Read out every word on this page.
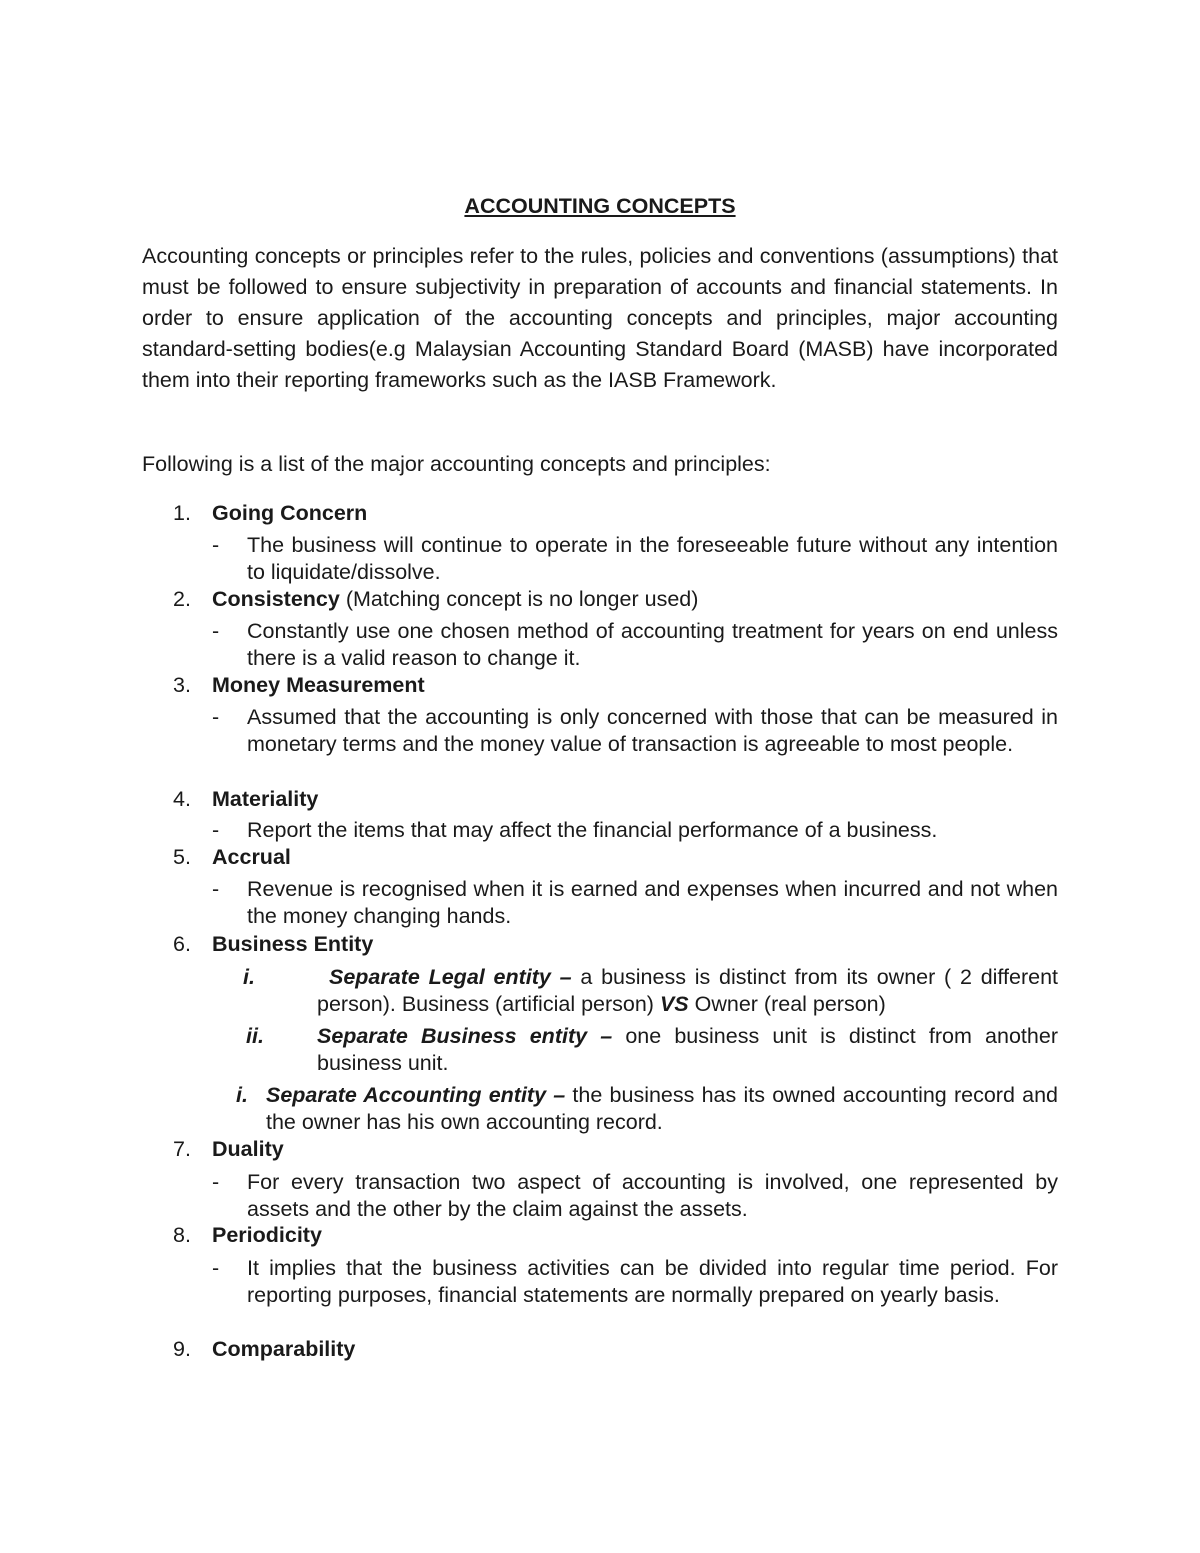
ACCOUNTING CONCEPTS
Accounting concepts or principles refer to the rules, policies and conventions (assumptions) that must be followed to ensure subjectivity in preparation of accounts and financial statements. In order to ensure application of the accounting concepts and principles, major accounting standard-setting bodies(e.g Malaysian Accounting Standard Board (MASB) have incorporated them into their reporting frameworks such as the IASB Framework.
Following is a list of the major accounting concepts and principles:
1. Going Concern
- The business will continue to operate in the foreseeable future without any intention to liquidate/dissolve.
2. Consistency (Matching concept is no longer used)
- Constantly use one chosen method of accounting treatment for years on end unless there is a valid reason to change it.
3. Money Measurement
- Assumed that the accounting is only concerned with those that can be measured in monetary terms and the money value of transaction is agreeable to most people.
4. Materiality
- Report the items that may affect the financial performance of a business.
5. Accrual
- Revenue is recognised when it is earned and expenses when incurred and not when the money changing hands.
6. Business Entity
i.	Separate Legal entity – a business is distinct from its owner ( 2 different person). Business (artificial person) VS Owner (real person)
ii. Separate Business entity – one business unit is distinct from another business unit.
i. Separate Accounting entity – the business has its owned accounting record and the owner has his own accounting record.
7. Duality
- For every transaction two aspect of accounting is involved, one represented by assets and the other by the claim against the assets.
8. Periodicity
- It implies that the business activities can be divided into regular time period. For reporting purposes, financial statements are normally prepared on yearly basis.
9. Comparability
